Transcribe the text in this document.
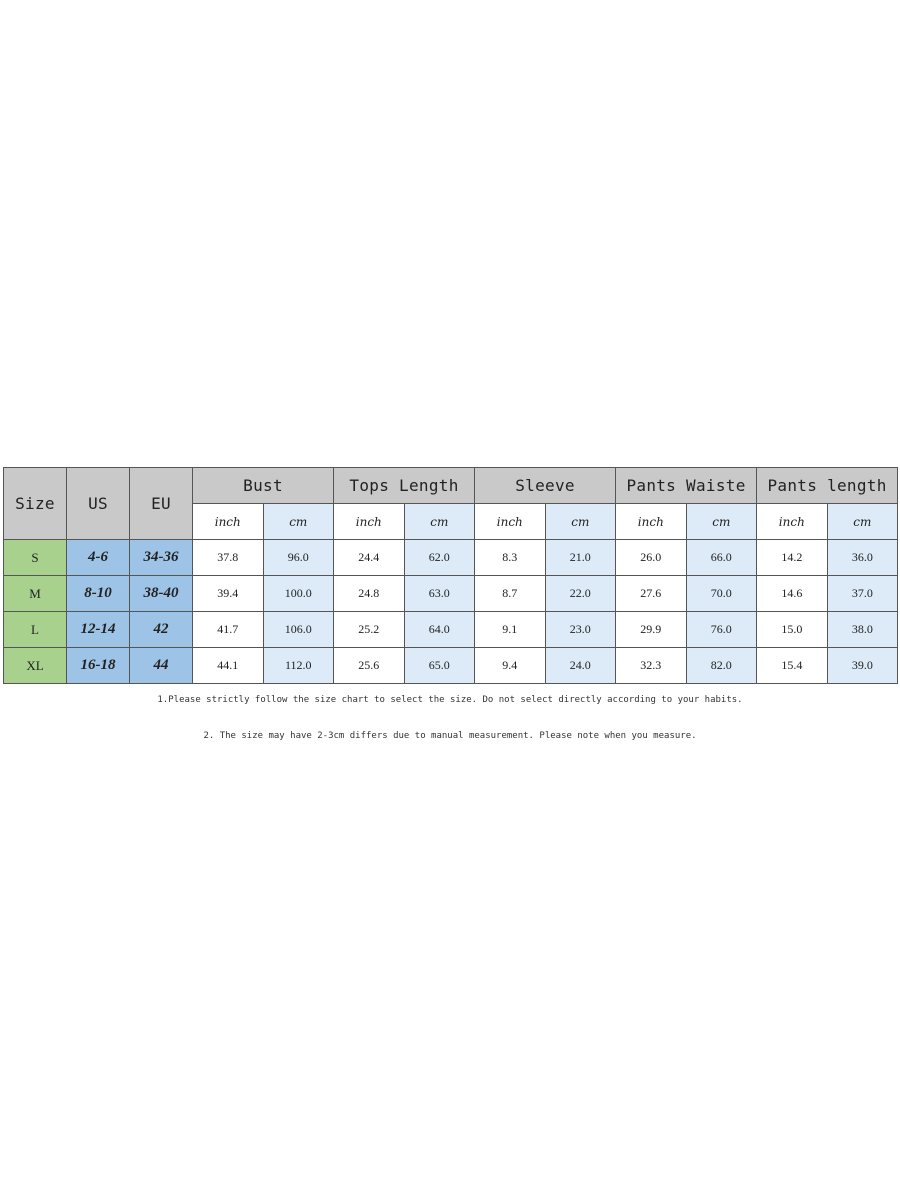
Size	US	EU	Bust		Tops Length		Sleeve		Pants Waiste		Pants length	
			inch	cm	inch	cm	inch	cm	inch	cm	inch	cm
S	4-6	34-36	37.8	96.0	24.4	62.0	8.3	21.0	26.0	66.0	14.2	36.0
M	8-10	38-40	39.4	100.0	24.8	63.0	8.7	22.0	27.6	70.0	14.6	37.0
L	12-14	42	41.7	106.0	25.2	64.0	9.1	23.0	29.9	76.0	15.0	38.0
XL	16-18	44	44.1	112.0	25.6	65.0	9.4	24.0	32.3	82.0	15.4	39.0
1.Please strictly follow the size chart to select the size. Do not select directly according to your habits.
2. The size may have 2-3cm differs due to manual measurement. Please note when you measure.
